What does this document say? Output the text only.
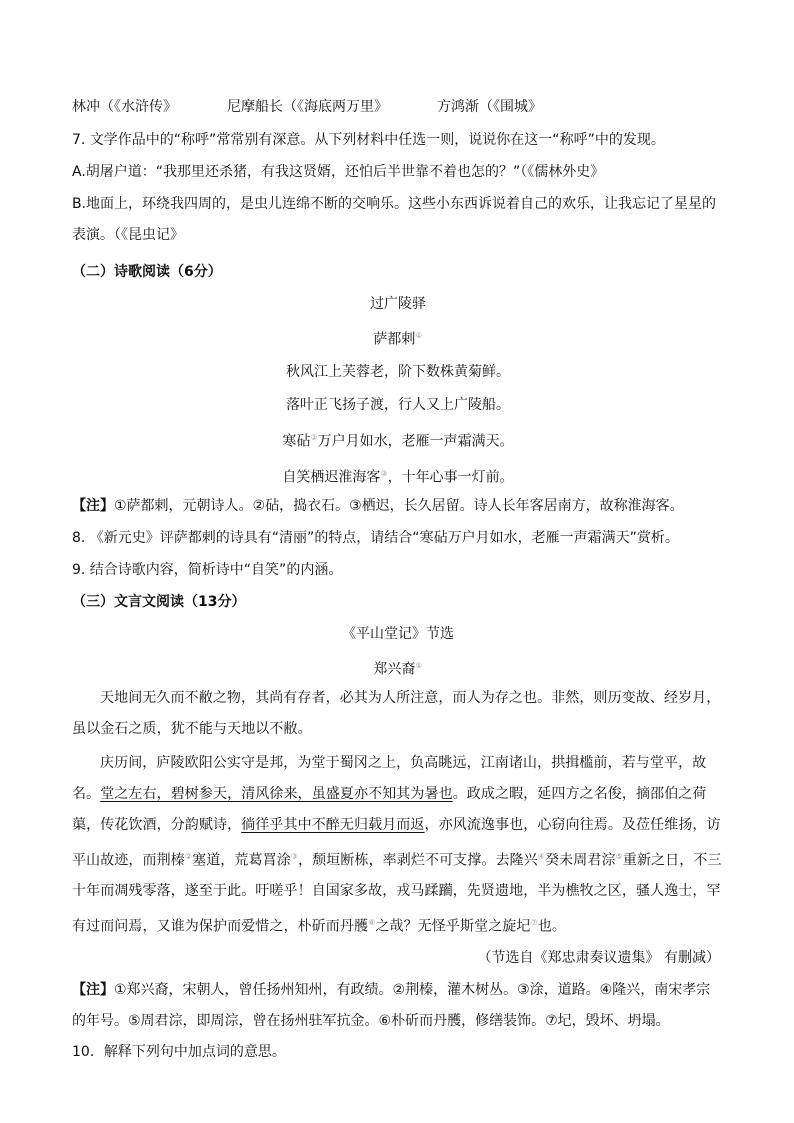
林冲（《水浒传》	尼摩船长（《海底两万里》	方鸿渐（《围城》

7. 文学作品中的“称呼”常常别有深意。从下列材料中任选一则，说说你在这一“称呼”中的发现。

A.胡屠户道：“我那里还杀猪，有我这贤婿，还怕后半世靠不着也怎的？”（《儒林外史》

B.地面上，环绕我四周的，是虫儿连绵不断的交响乐。这些小东西诉说着自己的欢乐，让我忘记了星星的表演。（《昆虫记》

（二）诗歌阅读（6分）

过广陵驿

萨都剌①

秋风江上芙蓉老，阶下数株黄菊鲜。

落叶正飞扬子渡，行人又上广陵船。

寒砧②万户月如水，老雁一声霜满天。

自笑栖迟淮海客③，十年心事一灯前。

【注】①萨都剌，元朝诗人。②砧，捣衣石。③栖迟，长久居留。诗人长年客居南方，故称淮海客。

8. 《新元史》评萨都剌的诗具有“清丽”的特点，请结合“寒砧万户月如水，老雁一声霜满天”赏析。

9. 结合诗歌内容，简析诗中“自笑”的内涵。

（三）文言文阅读（13分）

《平山堂记》节选

郑兴裔①

天地间无久而不敝之物，其尚有存者，必其为人所注意，而人为存之也。非然，则历变故、经岁月，虽以金石之质，犹不能与天地以不敝。

庆历间，庐陵欧阳公实守是邦，为堂于蜀冈之上，负高眺远，江南诸山，拱揖槛前，若与堂平，故名。堂之左右，碧树参天，清风徐来，虽盛夏亦不知其为暑也。政成之暇，延四方之名俊，摘邵伯之荷蕖，传花饮酒，分韵赋诗，徜徉乎其中不醉无归载月而返，亦风流逸事也，心窃向往焉。及莅任维扬，访平山故迹，而荆榛②塞道，荒葛罥涂③，颓垣断栋，率剥烂不可支撑。去隆兴④癸未周君淙⑤重新之日，不三十年而凋残零落，遂至于此。吁嗟乎！自国家多故，戎马蹂躏，先贤遗地，半为樵牧之区，骚人逸士，罕有过而问焉，又谁为保护而爱惜之，朴斫而丹雘⑥之哉？无怪乎斯堂之旋圮⑦也。

（节选自《郑忠肃奏议遗集》 有删减）

【注】①郑兴裔，宋朝人，曾任扬州知州，有政绩。②荆榛，灌木树丛。③涂，道路。④隆兴，南宋孝宗的年号。⑤周君淙，即周淙，曾在扬州驻军抗金。⑥朴斫而丹雘，修缮装饰。⑦圮，毁坏、坍塌。

10．解释下列句中加点词的意思。
